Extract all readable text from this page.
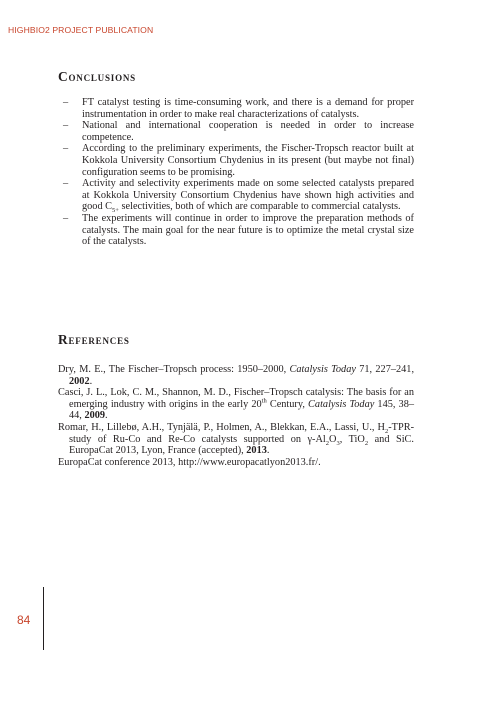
HIGHBIO2 PROJECT PUBLICATION
Conclusions
– FT catalyst testing is time-consuming work, and there is a demand for proper instrumentation in order to make real characterizations of catalysts.
– National and international cooperation is needed in order to increase competence.
– According to the preliminary experiments, the Fischer-Tropsch reactor built at Kokkola University Consortium Chydenius in its present (but maybe not final) configuration seems to be promising.
– Activity and selectivity experiments made on some selected catalysts prepared at Kokkola University Consortium Chydenius have shown high activities and good $C_{5+}$ selectivities, both of which are comparable to commercial catalysts.
– The experiments will continue in order to improve the preparation methods of catalysts. The main goal for the near future is to optimize the metal crystal size of the catalysts.
References
Dry, M. E., The Fischer–Tropsch process: 1950–2000, Catalysis Today 71, 227–241, 2002.
Casci, J. L., Lok, C. M., Shannon, M. D., Fischer–Tropsch catalysis: The basis for an emerging industry with origins in the early 20th Century, Catalysis Today 145, 38–44, 2009.
Romar, H., Lillebø, A.H., Tynjälä, P., Holmen, A., Blekkan, E.A., Lassi, U., $H_2-TPR$-study of Ru-Co and Re-Co catalysts supported on $\gamma-Al_2O_3$, TiO$_2$ and SiC. EuropaCat 2013, Lyon, France (accepted), 2013.
EuropaCat conference 2013, http://www.europacatlyon2013.fr/.
84
